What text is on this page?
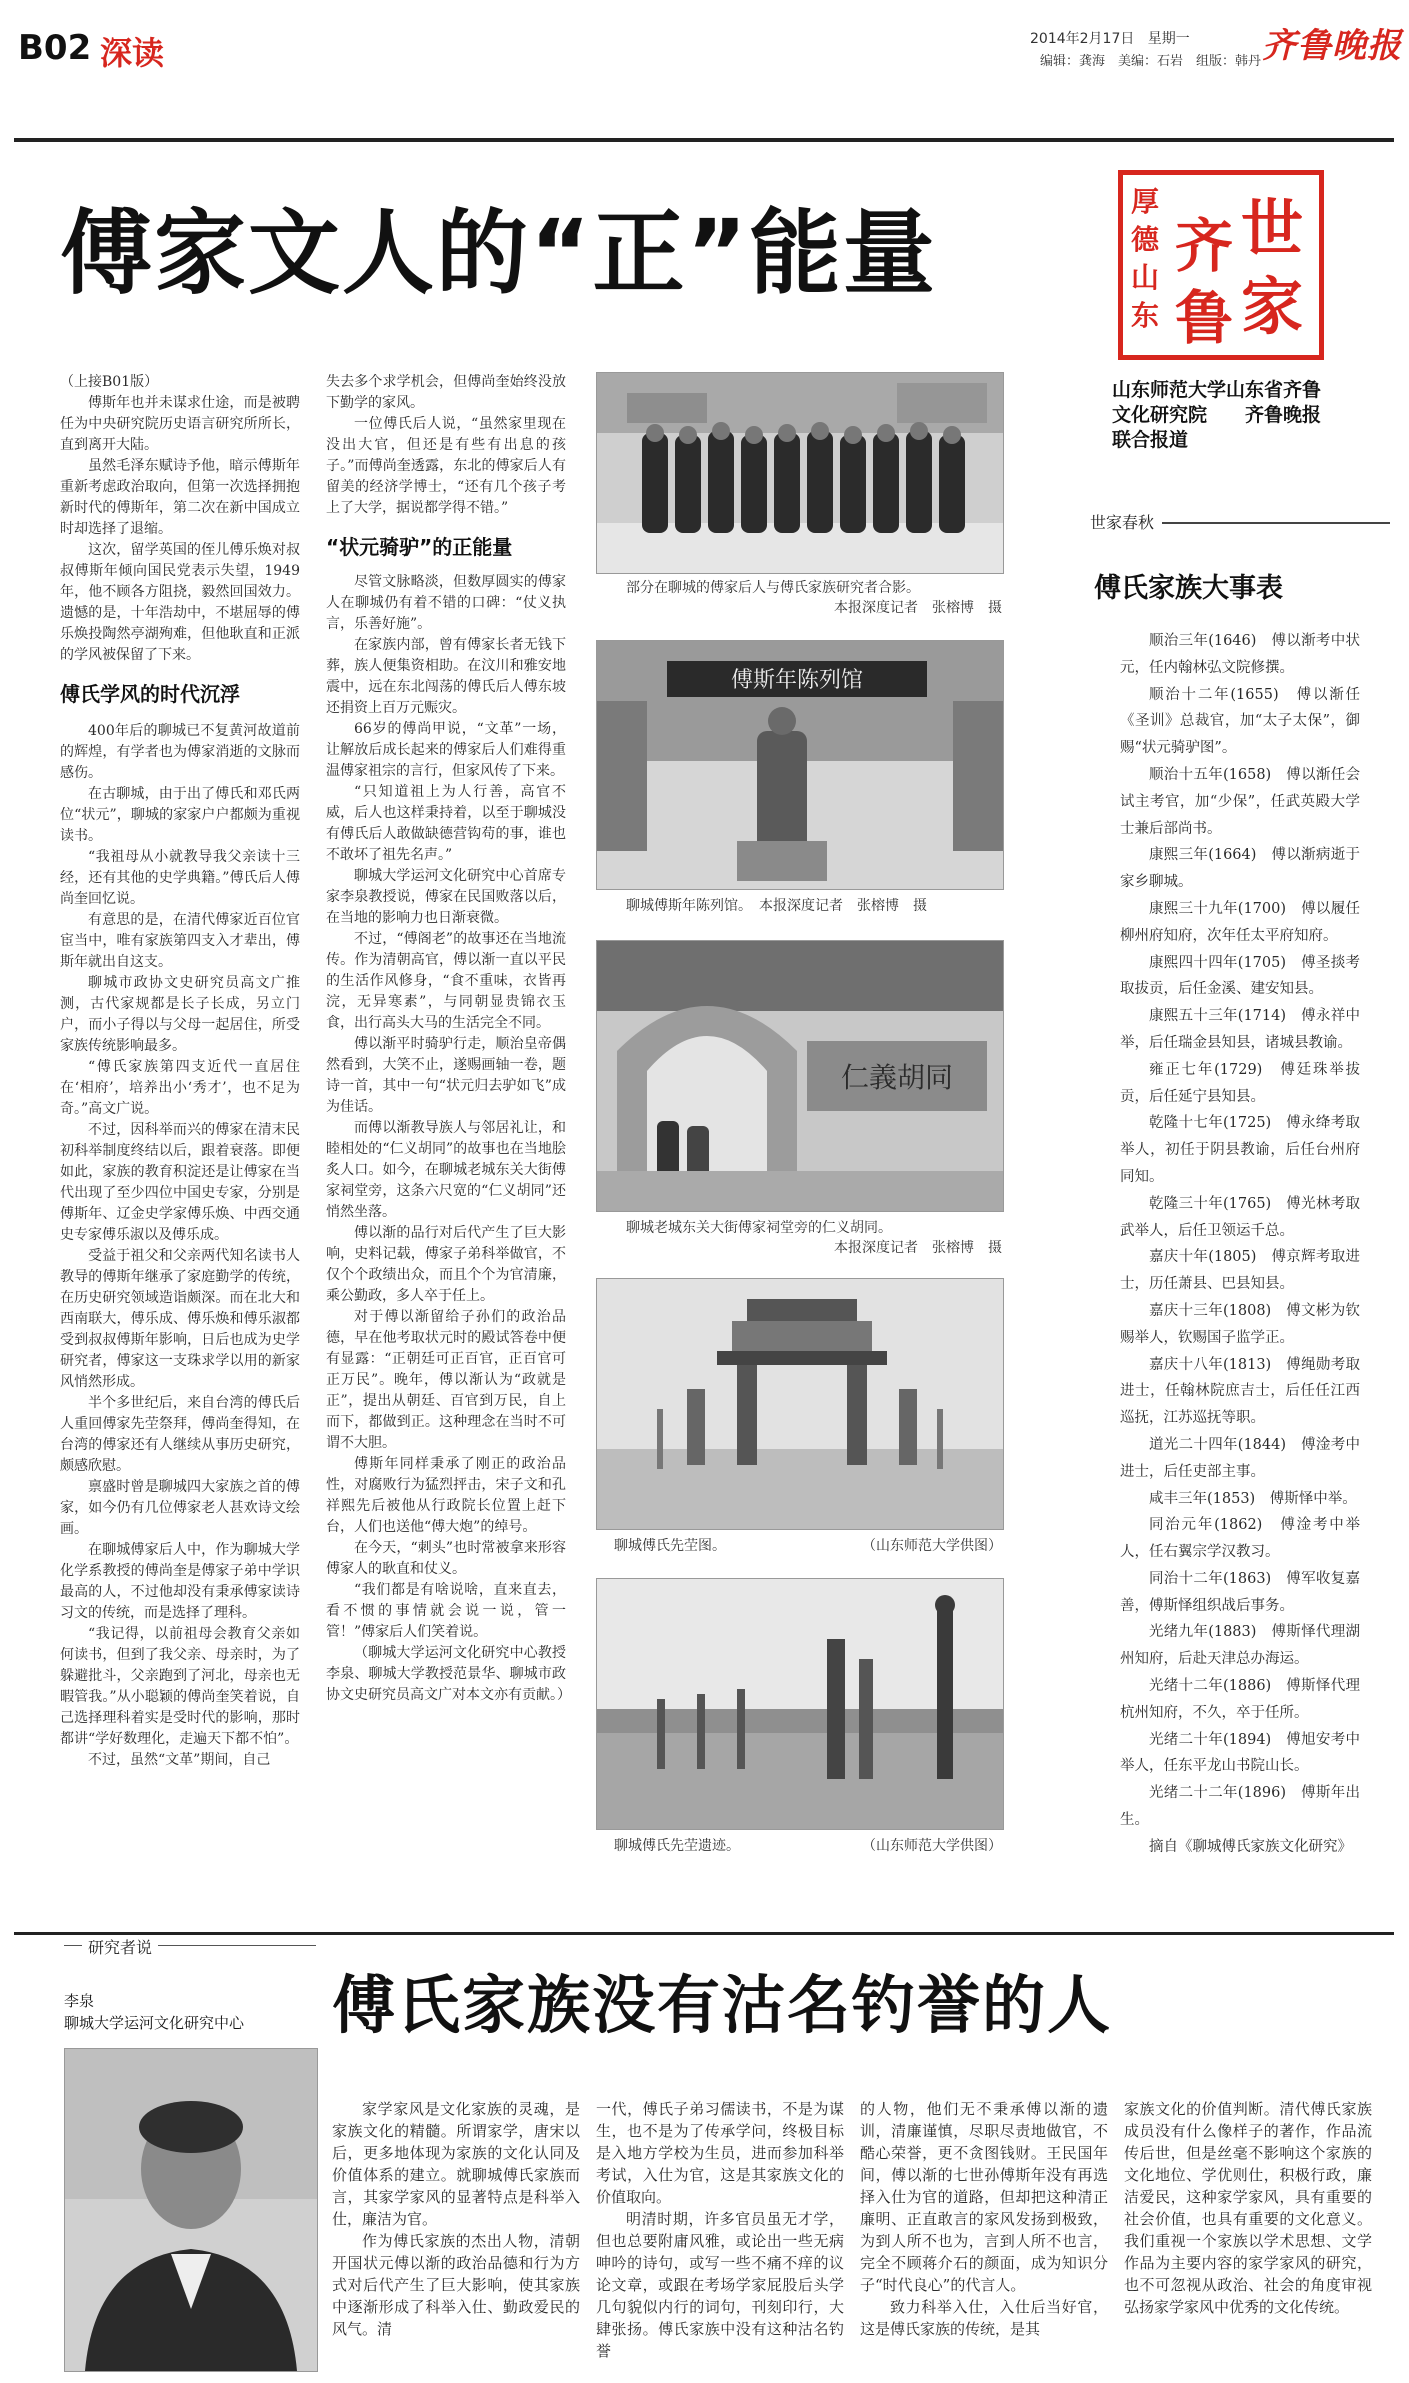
B02 深读	2014年2月17日 星期一
编辑：龚海　美编：石岩　组版：韩丹 齐鲁晚报
傅家文人的“正”能量	世
家
齐
鲁
厚德山东
山东师范大学山东省齐鲁
文化研究院　　齐鲁晚报
联合报道

（上接B01版）

傅斯年也并未谋求仕途，而是被聘任为中央研究院历史语言研究所所长，直到离开大陆。

虽然毛泽东赋诗予他，暗示傅斯年重新考虑政治取向，但第一次选择拥抱新时代的傅斯年，第二次在新中国成立时却选择了退缩。

这次，留学英国的侄儿傅乐焕对叔叔傅斯年倾向国民党表示失望，1949年，他不顾各方阻挠，毅然回国效力。遗憾的是，十年浩劫中，不堪屈辱的傅乐焕投陶然亭湖殉难，但他耿直和正派的学风被保留了下来。

傅氏学风的时代沉浮

400年后的聊城已不复黄河故道前的辉煌，有学者也为傅家消逝的文脉而感伤。

在古聊城，由于出了傅氏和邓氏两位“状元”，聊城的家家户户都颇为重视读书。

“我祖母从小就教导我父亲读十三经，还有其他的史学典籍。”傅氏后人傅尚奎回忆说。

有意思的是，在清代傅家近百位官宦当中，唯有家族第四支入才辈出，傅斯年就出自这支。

聊城市政协文史研究员高文广推测，古代家规都是长子长成，另立门户，而小子得以与父母一起居住，所受家族传统影响最多。

“傅氏家族第四支近代一直居住在‘相府’，培养出小‘秀才’，也不足为奇。”高文广说。

不过，因科举而兴的傅家在清末民初科举制度终结以后，跟着衰落。即便如此，家族的教育积淀还是让傅家在当代出现了至少四位中国史专家，分别是傅斯年、辽金史学家傅乐焕、中西交通史专家傅乐淑以及傅乐成。

受益于祖父和父亲两代知名读书人教导的傅斯年继承了家庭勤学的传统，在历史研究领域造诣颇深。而在北大和西南联大，傅乐成、傅乐焕和傅乐淑都受到叔叔傅斯年影响，日后也成为史学研究者，傅家这一支珠求学以用的新家风悄然形成。

半个多世纪后，来自台湾的傅氏后人重回傅家先茔祭拜，傅尚奎得知，在台湾的傅家还有人继续从事历史研究，颇感欣慰。

禀盛时曾是聊城四大家族之首的傅家，如今仍有几位傅家老人甚欢诗文绘画。

在聊城傅家后人中，作为聊城大学化学系教授的傅尚奎是傅家子弟中学识最高的人，不过他却没有秉承傅家读诗习文的传统，而是选择了理科。

“我记得，以前祖母会教育父亲如何读书，但到了我父亲、母亲时，为了躲避批斗，父亲跑到了河北，母亲也无暇管我。”从小聪颖的傅尚奎笑着说，自己选择理科着实是受时代的影响，那时都讲“学好数理化，走遍天下都不怕”。

不过，虽然“文革”期间，自己

失去多个求学机会，但傅尚奎始终没放下勤学的家风。

一位傅氏后人说，“虽然家里现在没出大官，但还是有些有出息的孩子。”而傅尚奎透露，东北的傅家后人有留美的经济学博士，“还有几个孩子考上了大学，据说都学得不错。”

“状元骑驴”的正能量

尽管文脉略淡，但数厚圆实的傅家人在聊城仍有着不错的口碑：“仗义执言，乐善好施”。

在家族内部，曾有傅家长者无钱下葬，族人便集资相助。在汶川和雅安地震中，远在东北闯荡的傅氏后人傅东坡还捐资上百万元赈灾。

66岁的傅尚甲说，“文革”一场，让解放后成长起来的傅家后人们难得重温傅家祖宗的言行，但家风传了下来。

“只知道祖上为人行善，高官不威，后人也这样秉持着，以至于聊城没有傅氏后人敢做缺德营钩苟的事，谁也不敢坏了祖先名声。”

聊城大学运河文化研究中心首席专家李泉教授说，傅家在民国败落以后，在当地的影响力也日渐衰微。

不过，“傅阁老”的故事还在当地流传。作为清朝高官，傅以渐一直以平民的生活作风修身，“食不重味，衣皆再浣，无异寒素”，与同朝显贵锦衣玉食，出行高头大马的生活完全不同。

傅以渐平时骑驴行走，顺治皇帝偶然看到，大笑不止，遂赐画轴一卷，题诗一首，其中一句“状元归去驴如飞”成为佳话。

而傅以渐教导族人与邻居礼让，和睦相处的“仁义胡同”的故事也在当地脍炙人口。如今，在聊城老城东关大街傅家祠堂旁，这条六尺宽的“仁义胡同”还悄然坐落。

傅以渐的品行对后代产生了巨大影响，史料记载，傅家子弟科举做官，不仅个个政绩出众，而且个个为官清廉，乘公勤政，多人卒于任上。

对于傅以渐留给子孙们的政治品德，早在他考取状元时的殿试答卷中便有显露：“正朝廷可正百官，正百官可正万民”。晚年，傅以渐认为“政就是正”，提出从朝廷、百官到万民，自上而下，都做到正。这种理念在当时不可谓不大胆。

傅斯年同样秉承了刚正的政治品性，对腐败行为猛烈抨击，宋子文和孔祥熙先后被他从行政院长位置上赶下台，人们也送他“傅大炮”的绰号。

在今天，“刺头”也时常被拿来形容傅家人的耿直和仗义。

“我们都是有啥说啥，直来直去，看不惯的事情就会说一说，管一管！”傅家后人们笑着说。

（聊城大学运河文化研究中心教授李泉、聊城大学教授范景华、聊城市政协文史研究员高文广对本文亦有贡献。）

部分在聊城的傅家后人与傅氏家族研究者合影。
本报深度记者　张榕博　摄
傅斯年陈列馆
聊城傅斯年陈列馆。　本报深度记者　张榕博　摄
仁義胡同
聊城老城东关大街傅家祠堂旁的仁义胡同。
本报深度记者　张榕博　摄
聊城傅氏先茔图。	（山东师范大学供图）
聊城傅氏先茔遗迹。	（山东师范大学供图）
世家春秋
傅氏家族大事表
顺治三年(1646)　傅以渐考中状元，任内翰林弘文院修撰。
顺治十二年(1655)　傅以渐任《圣训》总裁官，加“太子太保”，御赐“状元骑驴图”。
顺治十五年(1658)　傅以渐任会试主考官，加“少保”，任武英殿大学士兼后部尚书。
康熙三年(1664)　傅以渐病逝于家乡聊城。
康熙三十九年(1700)　傅以履任柳州府知府，次年任太平府知府。
康熙四十四年(1705)　傅圣掞考取拔贡，后任金溪、建安知县。
康熙五十三年(1714)　傅永祥中举，后任瑞金县知县，诸城县教谕。
雍正七年(1729)　傅廷珠举拔贡，后任延宁县知县。
乾隆十七年(1725)　傅永绛考取举人，初任于阴县教谕，后任台州府同知。
乾隆三十年(1765)　傅光林考取武举人，后任卫领运千总。
嘉庆十年(1805)　傅京辉考取进士，历任萧县、巴县知县。
嘉庆十三年(1808)　傅文彬为钦赐举人，钦赐国子监学正。
嘉庆十八年(1813)　傅绳勋考取进士，任翰林院庶吉士，后任任江西巡抚，江苏巡抚等职。
道光二十四年(1844)　傅淦考中进士，后任吏部主事。
咸丰三年(1853)　傅斯怿中举。
同治元年(1862)　傅淦考中举人，任右翼宗学汉教习。
同治十二年(1863)　傅军收复嘉善，傅斯怿组织战后事务。
光绪九年(1883)　傅斯怿代理湖州知府，后赴天津总办海运。
光绪十二年(1886)　傅斯怿代理杭州知府，不久，卒于任所。
光绪二十年(1894)　傅旭安考中举人，任东平龙山书院山长。
光绪二十二年(1896)　傅斯年出生。
摘自《聊城傅氏家族文化研究》
研究者说
李泉
聊城大学运河文化研究中心 傅氏家族没有沽名钓誉的人

家学家风是文化家族的灵魂，是家族文化的精髓。所谓家学，唐宋以后，更多地体现为家族的文化认同及价值体系的建立。就聊城傅氏家族而言，其家学家风的显著特点是科举入仕，廉洁为官。

作为傅氏家族的杰出人物，清朝开国状元傅以渐的政治品德和行为方式对后代产生了巨大影响，使其家族中逐渐形成了科举入仕、勤政爱民的风气。清

一代，傅氏子弟习儒读书，不是为谋生，也不是为了传承学问，终极目标是入地方学校为生员，进而参加科举考试，入仕为官，这是其家族文化的价值取向。

明清时期，许多官员虽无才学，但也总要附庸风雅，或论出一些无病呻吟的诗句，或写一些不痛不痒的议论文章，或跟在考场学家屁股后头学几句貌似内行的词句，刊刻印行，大肆张扬。傅氏家族中没有这种沽名钓誉

的人物，他们无不秉承傅以渐的遗训，清廉谨慎，尽职尽责地做官，不酷心荣誉，更不贪图钱财。王民国年间，傅以渐的七世孙傅斯年没有再选择入仕为官的道路，但却把这种清正廉明、正直敢言的家风发扬到极致，为到人所不也为，言到人所不也言，完全不顾蒋介石的颜面，成为知识分子“时代良心”的代言人。

致力科举入仕，入仕后当好官，这是傅氏家族的传统，是其

家族文化的价值判断。清代傅氏家族成员没有什么像样子的著作，作品流传后世，但是丝毫不影响这个家族的文化地位、学优则仕，积极行政，廉洁爱民，这种家学家风，具有重要的社会价值，也具有重要的文化意义。我们重视一个家族以学术思想、文学作品为主要内容的家学家风的研究，也不可忽视从政治、社会的角度审视弘扬家学家风中优秀的文化传统。
